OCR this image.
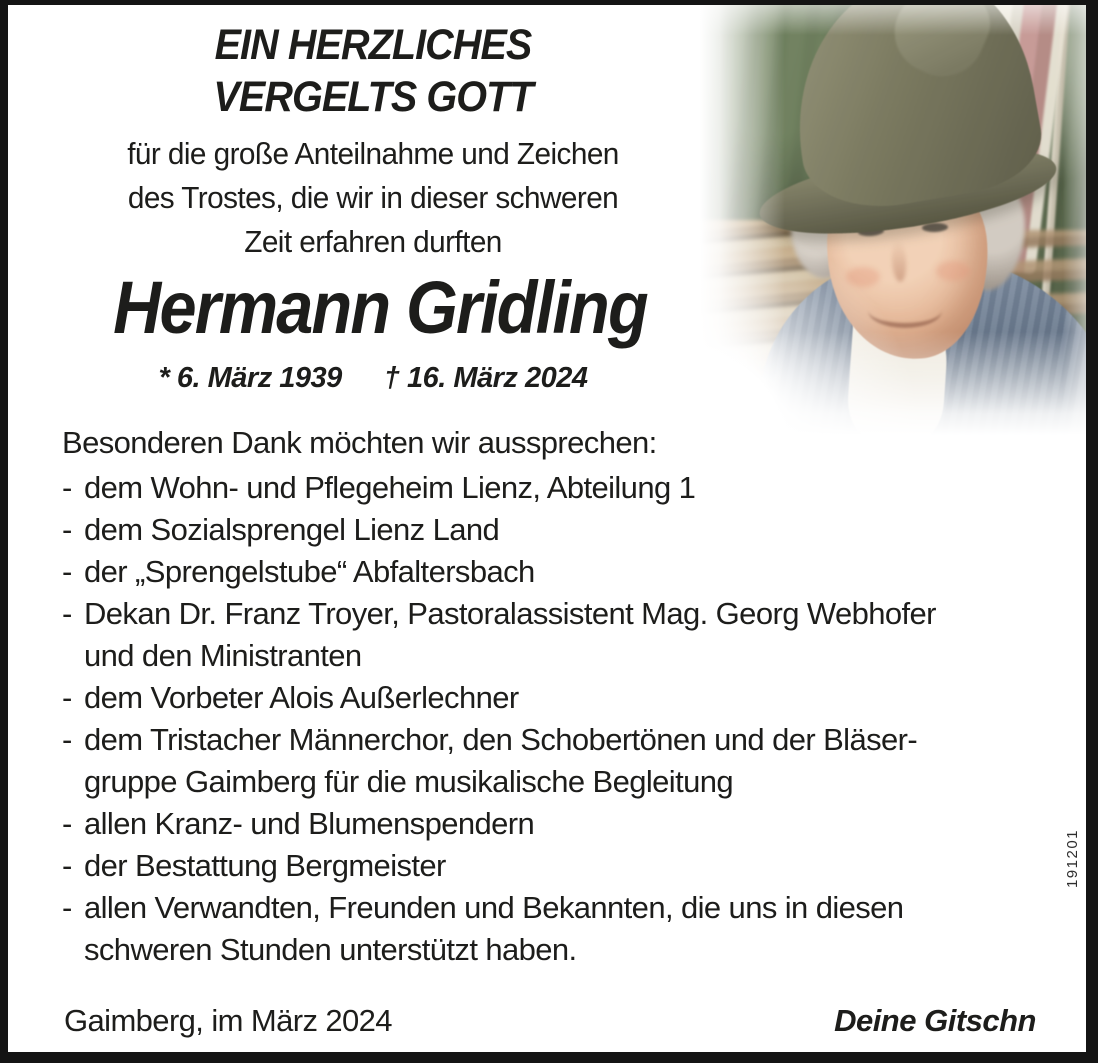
EIN HERZLICHES
VERGELTS GOTT
für die große Anteilnahme und Zeichen
des Trostes, die wir in dieser schweren
Zeit erfahren durften
Hermann Gridling
* 6. März 1939 † 16. März 2024
Besonderen Dank möchten wir aussprechen:
- dem Wohn- und Pflegeheim Lienz, Abteilung 1
- dem Sozialsprengel Lienz Land
- der „Sprengelstube“ Abfaltersbach
- Dekan Dr. Franz Troyer, Pastoralassistent Mag. Georg Webhofer
und den Ministranten
- dem Vorbeter Alois Außerlechner
- dem Tristacher Männerchor, den Schobertönen und der Bläser-
gruppe Gaimberg für die musikalische Begleitung
- allen Kranz- und Blumenspendern
- der Bestattung Bergmeister
- allen Verwandten, Freunden und Bekannten, die uns in diesen
schweren Stunden unterstützt haben.
Gaimberg, im März 2024	Deine Gitschn
191201
